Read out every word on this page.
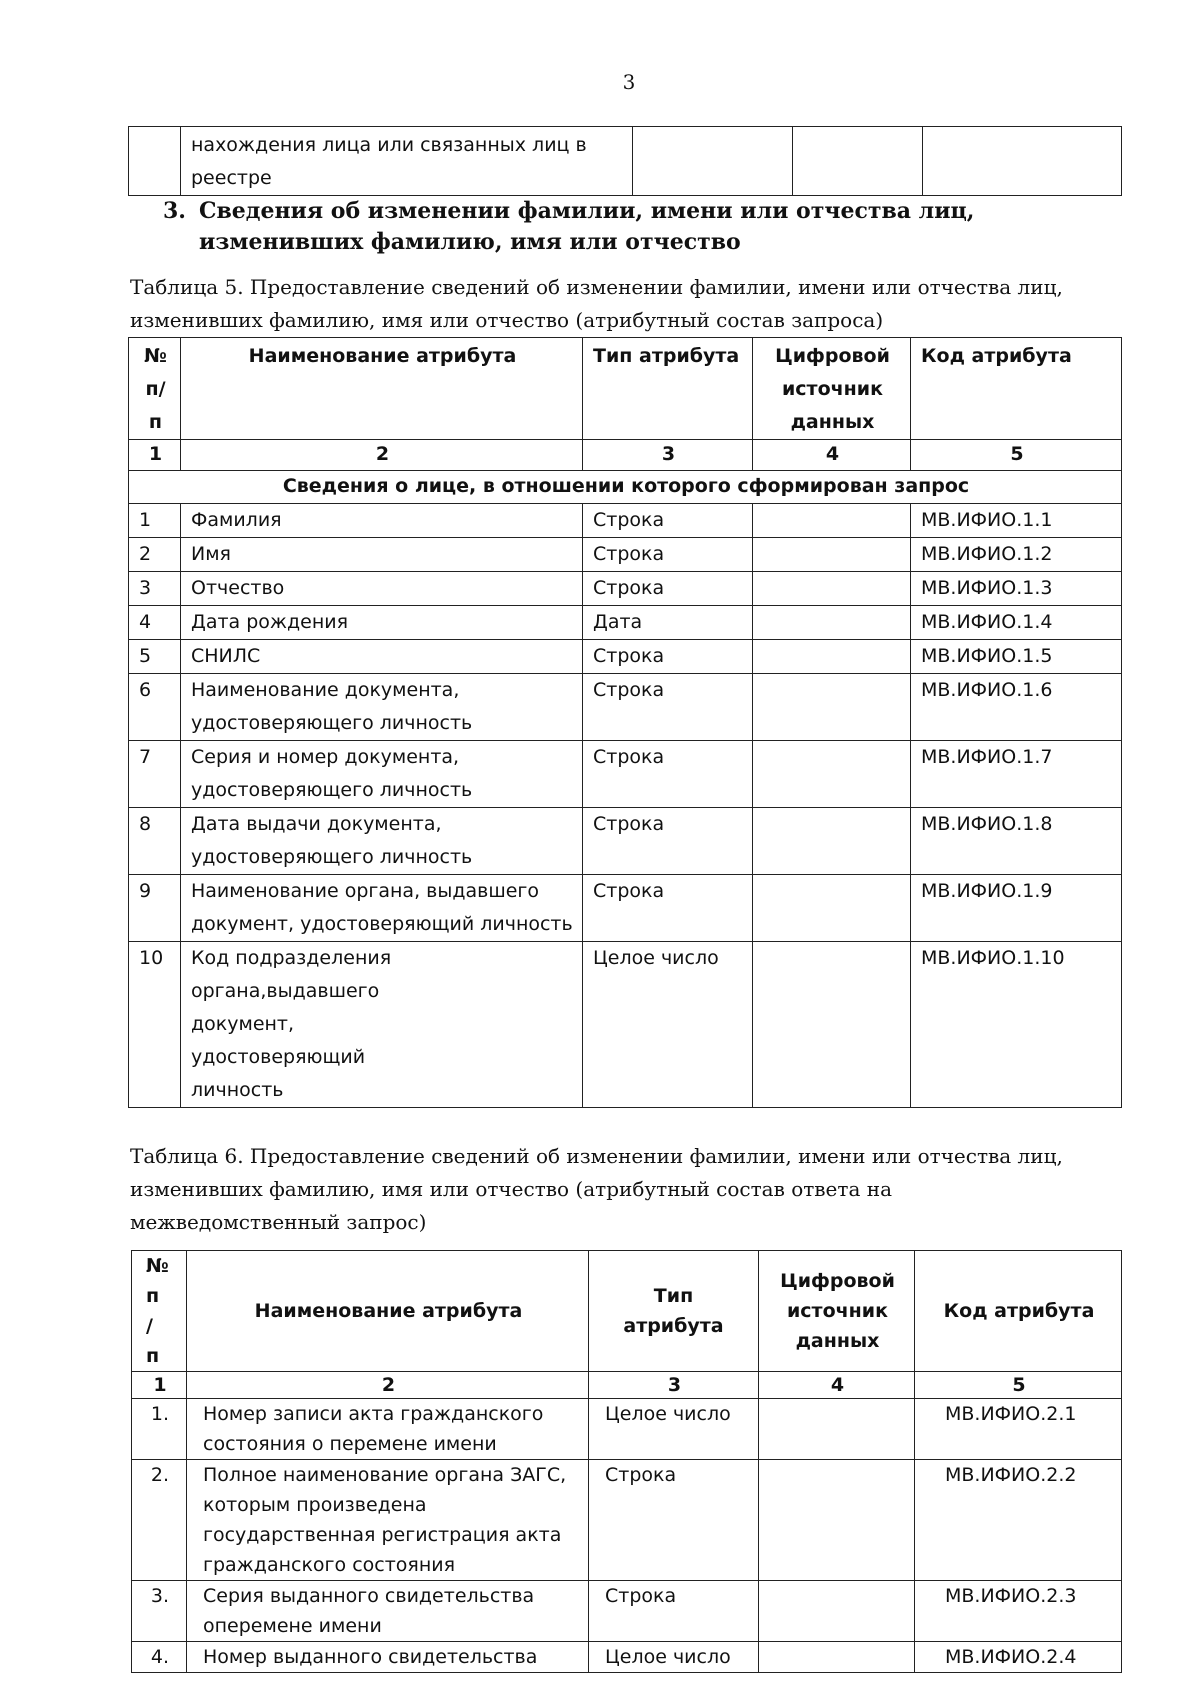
3

нахождения лица или связанных лиц в
реестре

3. Сведения об изменении фамилии, имени или отчества лиц, изменивших фамилию, имя или отчество
Таблица 5. Предоставление сведений об изменении фамилии, имени или отчества лиц, изменивших фамилию, имя или отчество (атрибутный состав запроса)
№ п/п	Наименование атрибута	Тип атрибута	Цифровой источник данных	Код атрибута
1	2	3	4	5
Сведения о лице, в отношении которого сформирован запрос				
1	Фамилия	Строка		МВ.ИФИО.1.1
2	Имя	Строка		МВ.ИФИО.1.2
3	Отчество	Строка		МВ.ИФИО.1.3
4	Дата рождения	Дата		МВ.ИФИО.1.4
5	СНИЛС	Строка		МВ.ИФИО.1.5
6	Наименование документа, удостоверяющего личность	Строка		МВ.ИФИО.1.6
7	Серия и номер документа, удостоверяющего личность	Строка		МВ.ИФИО.1.7
8	Дата выдачи документа, удостоверяющего личность	Строка		МВ.ИФИО.1.8
9	Наименование органа, выдавшего документ, удостоверяющий личность	Строка		МВ.ИФИО.1.9
10	Код подразделения органа,выдавшего документ, удостоверяющий личность	Целое число		МВ.ИФИО.1.10
Таблица 6. Предоставление сведений об изменении фамилии, имени или отчества лиц, изменивших фамилию, имя или отчество (атрибутный состав ответа на межведомственный запрос)
№ п / п	Наименование атрибута	Тип атрибута	Цифровой источник данных	Код атрибута
1	2	3	4	5
1.	Номер записи акта гражданского состояния о перемене имени	Целое число		МВ.ИФИО.2.1
2.	Полное наименование органа ЗАГС, которым произведена государственная регистрация акта гражданского состояния	Строка		МВ.ИФИО.2.2
3.	Серия выданного свидетельства оперемене имени	Строка		МВ.ИФИО.2.3
4.	Номер выданного свидетельства	Целое число		МВ.ИФИО.2.4
